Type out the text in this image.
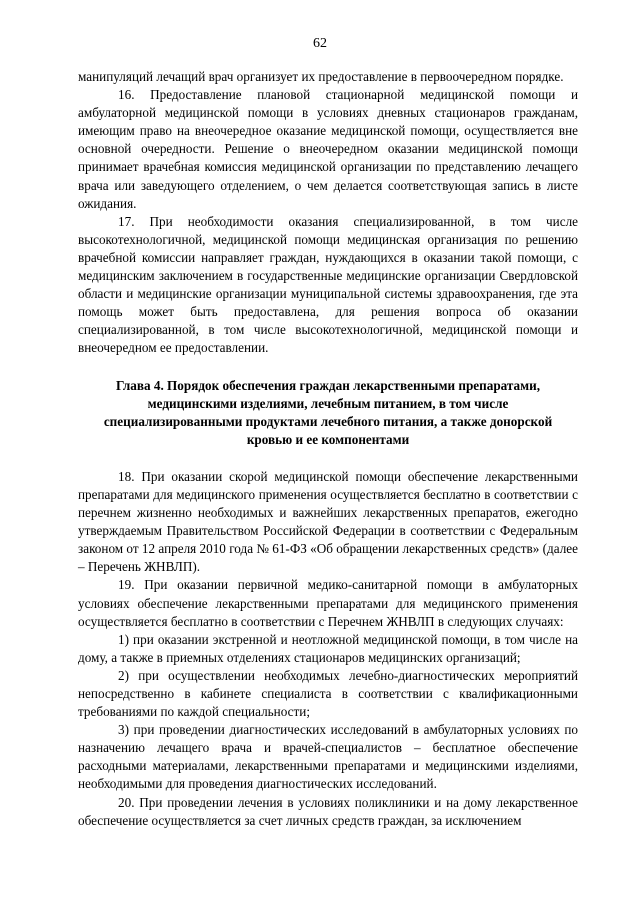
62

манипуляций лечащий врач организует их предоставление в первоочередном порядке.

16. Предоставление плановой стационарной медицинской помощи и амбулаторной медицинской помощи в условиях дневных стационаров гражданам, имеющим право на внеочередное оказание медицинской помощи, осуществляется вне основной очередности. Решение о внеочередном оказании медицинской помощи принимает врачебная комиссия медицинской организации по представлению лечащего врача или заведующего отделением, о чем делается соответствующая запись в листе ожидания.

17. При необходимости оказания специализированной, в том числе высокотехнологичной, медицинской помощи медицинская организация по решению врачебной комиссии направляет граждан, нуждающихся в оказании такой помощи, с медицинским заключением в государственные медицинские организации Свердловской области и медицинские организации муниципальной системы здравоохранения, где эта помощь может быть предоставлена, для решения вопроса об оказании специализированной, в том числе высокотехнологичной, медицинской помощи и внеочередном ее предоставлении.

Глава 4. Порядок обеспечения граждан лекарственными препаратами, медицинскими изделиями, лечебным питанием, в том числе специализированными продуктами лечебного питания, а также донорской кровью и ее компонентами

18. При оказании скорой медицинской помощи обеспечение лекарственными препаратами для медицинского применения осуществляется бесплатно в соответствии с перечнем жизненно необходимых и важнейших лекарственных препаратов, ежегодно утверждаемым Правительством Российской Федерации в соответствии с Федеральным законом от 12 апреля 2010 года № 61-ФЗ «Об обращении лекарственных средств» (далее – Перечень ЖНВЛП).

19. При оказании первичной медико-санитарной помощи в амбулаторных условиях обеспечение лекарственными препаратами для медицинского применения осуществляется бесплатно в соответствии с Перечнем ЖНВЛП в следующих случаях:

1) при оказании экстренной и неотложной медицинской помощи, в том числе на дому, а также в приемных отделениях стационаров медицинских организаций;

2) при осуществлении необходимых лечебно-диагностических мероприятий непосредственно в кабинете специалиста в соответствии с квалификационными требованиями по каждой специальности;

3) при проведении диагностических исследований в амбулаторных условиях по назначению лечащего врача и врачей-специалистов – бесплатное обеспечение расходными материалами, лекарственными препаратами и медицинскими изделиями, необходимыми для проведения диагностических исследований.

20. При проведении лечения в условиях поликлиники и на дому лекарственное обеспечение осуществляется за счет личных средств граждан, за исключением
